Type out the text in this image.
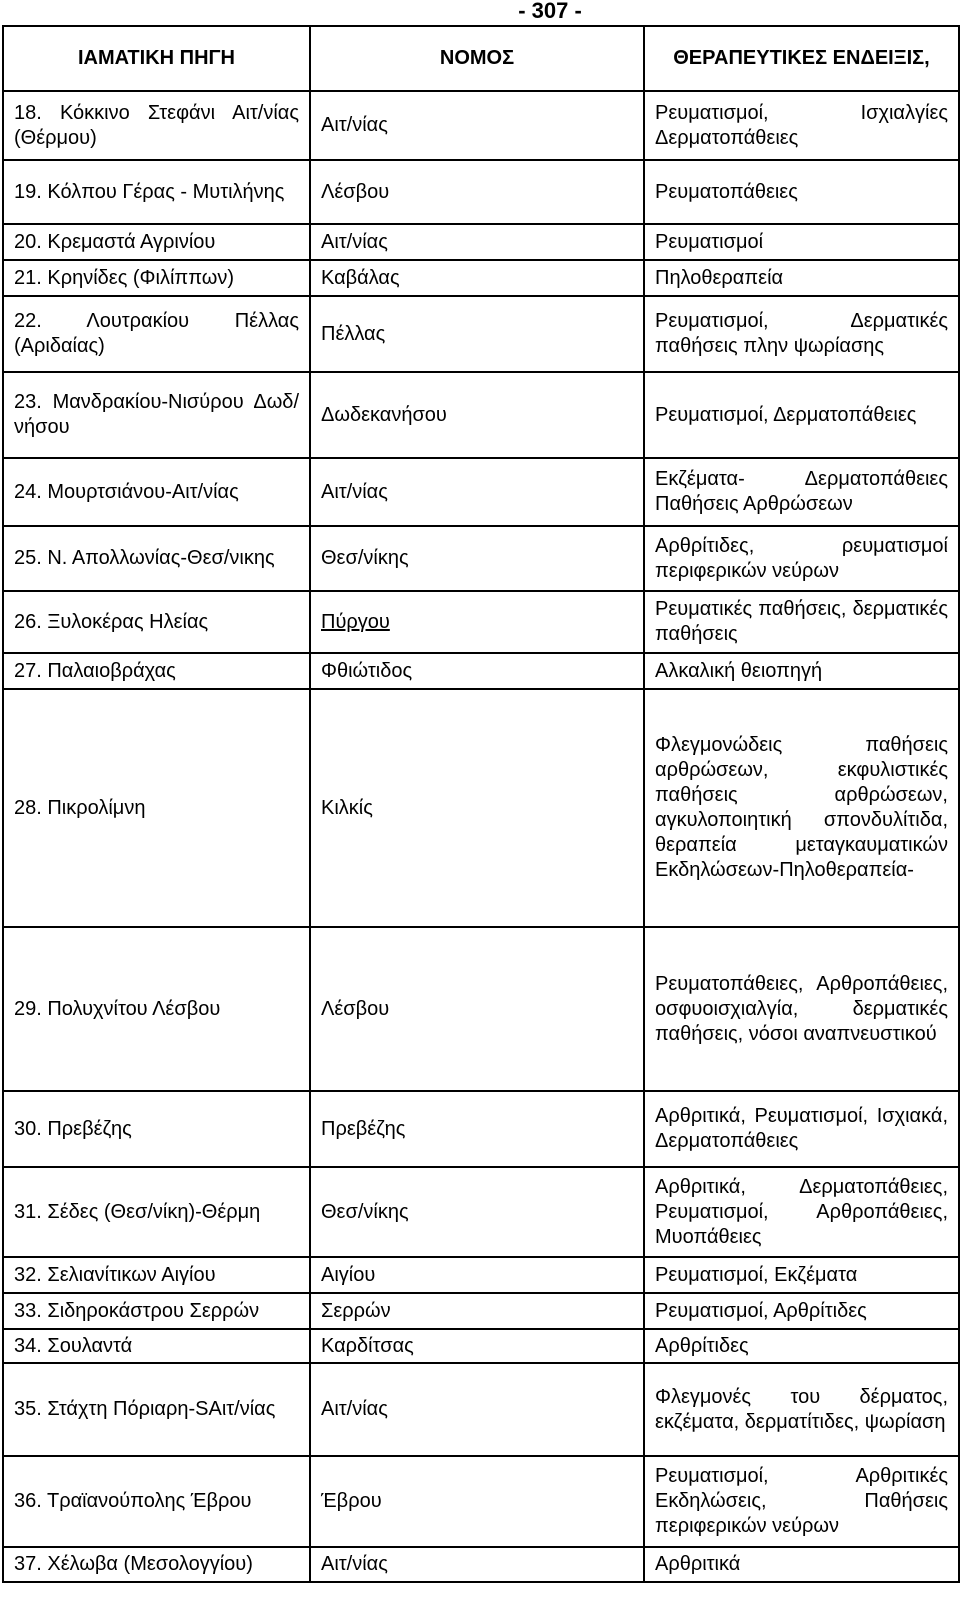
- 307 -
ΙΑΜΑΤΙΚΗ ΠΗΓΗ	ΝΟΜΟΣ	ΘΕΡΑΠΕΥΤΙΚΕΣ ΕΝΔΕΙΞΙΣ,
18. Κόκκινο Στεφάνι Αιτ/νίας (Θέρμου)	Αιτ/νίας	Ρευματισμοί, Ισχιαλγίες Δερματοπάθειες
19. Κόλπου Γέρας - Μυτιλήνης	Λέσβου	Ρευματοπάθειες
20. Κρεμαστά Αγρινίου	Αιτ/νίας	Ρευματισμοί
21. Κρηνίδες (Φιλίππων)	Καβάλας	Πηλοθεραπεία
22. Λουτρακίου Πέλλας (Αριδαίας)	Πέλλας	Ρευματισμοί, Δερματικές παθήσεις πλην ψωρίασης
23. Μανδρακίου-Νισύρου Δωδ/νήσου	Δωδεκανήσου	Ρευματισμοί, Δερματοπάθειες
24. Μουρτσιάνου-Αιτ/νίας	Αιτ/νίας	Εκζέματα- Δερματοπάθειες Παθήσεις Αρθρώσεων
25. Ν. Απολλωνίας-Θεσ/νικης	Θεσ/νίκης	Αρθρίτιδες, ρευματισμοί περιφερικών νεύρων
26. Ξυλοκέρας Ηλείας	Πύργου	Ρευματικές παθήσεις, δερματικές παθήσεις
27. Παλαιοβράχας	Φθιώτιδος	Αλκαλική θειοπηγή
28. Πικρολίμνη	Κιλκίς	Φλεγμονώδεις παθήσεις αρθρώσεων, εκφυλιστικές παθήσεις αρθρώσεων, αγκυλοποιητική σπονδυλίτιδα, θεραπεία μεταγκαυματικών Εκδηλώσεων-Πηλοθεραπεία-
29. Πολυχνίτου Λέσβου	Λέσβου	Ρευματοπάθειες, Αρθροπάθειες, οσφυοισχιαλγία, δερματικές παθήσεις, νόσοι αναπνευστικού
30. Πρεβέζης	Πρεβέζης	Αρθριτικά, Ρευματισμοί, Ισχιακά, Δερματοπάθειες
31. Σέδες (Θεσ/νίκη)-Θέρμη	Θεσ/νίκης	Αρθριτικά, Δερματοπάθειες, Ρευματισμοί, Αρθροπάθειες, Μυοπάθειες
32. Σελιανίτικων Αιγίου	Αιγίου	Ρευματισμοί, Εκζέματα
33. Σιδηροκάστρου Σερρών	Σερρών	Ρευματισμοί, Αρθρίτιδες
34. Σουλαντά	Καρδίτσας	Αρθρίτιδες
35. Στάχτη Πόριαρη-SΑιτ/νίας	Αιτ/νίας	Φλεγμονές του δέρματος, εκζέματα, δερματίτιδες, ψωρίαση
36. Τραϊανούπολης Έβρου	Έβρου	Ρευματισμοί, Αρθριτικές Εκδηλώσεις, Παθήσεις περιφερικών νεύρων
37. Χέλωβα (Μεσολογγίου)	Αιτ/νίας	Αρθριτικά
